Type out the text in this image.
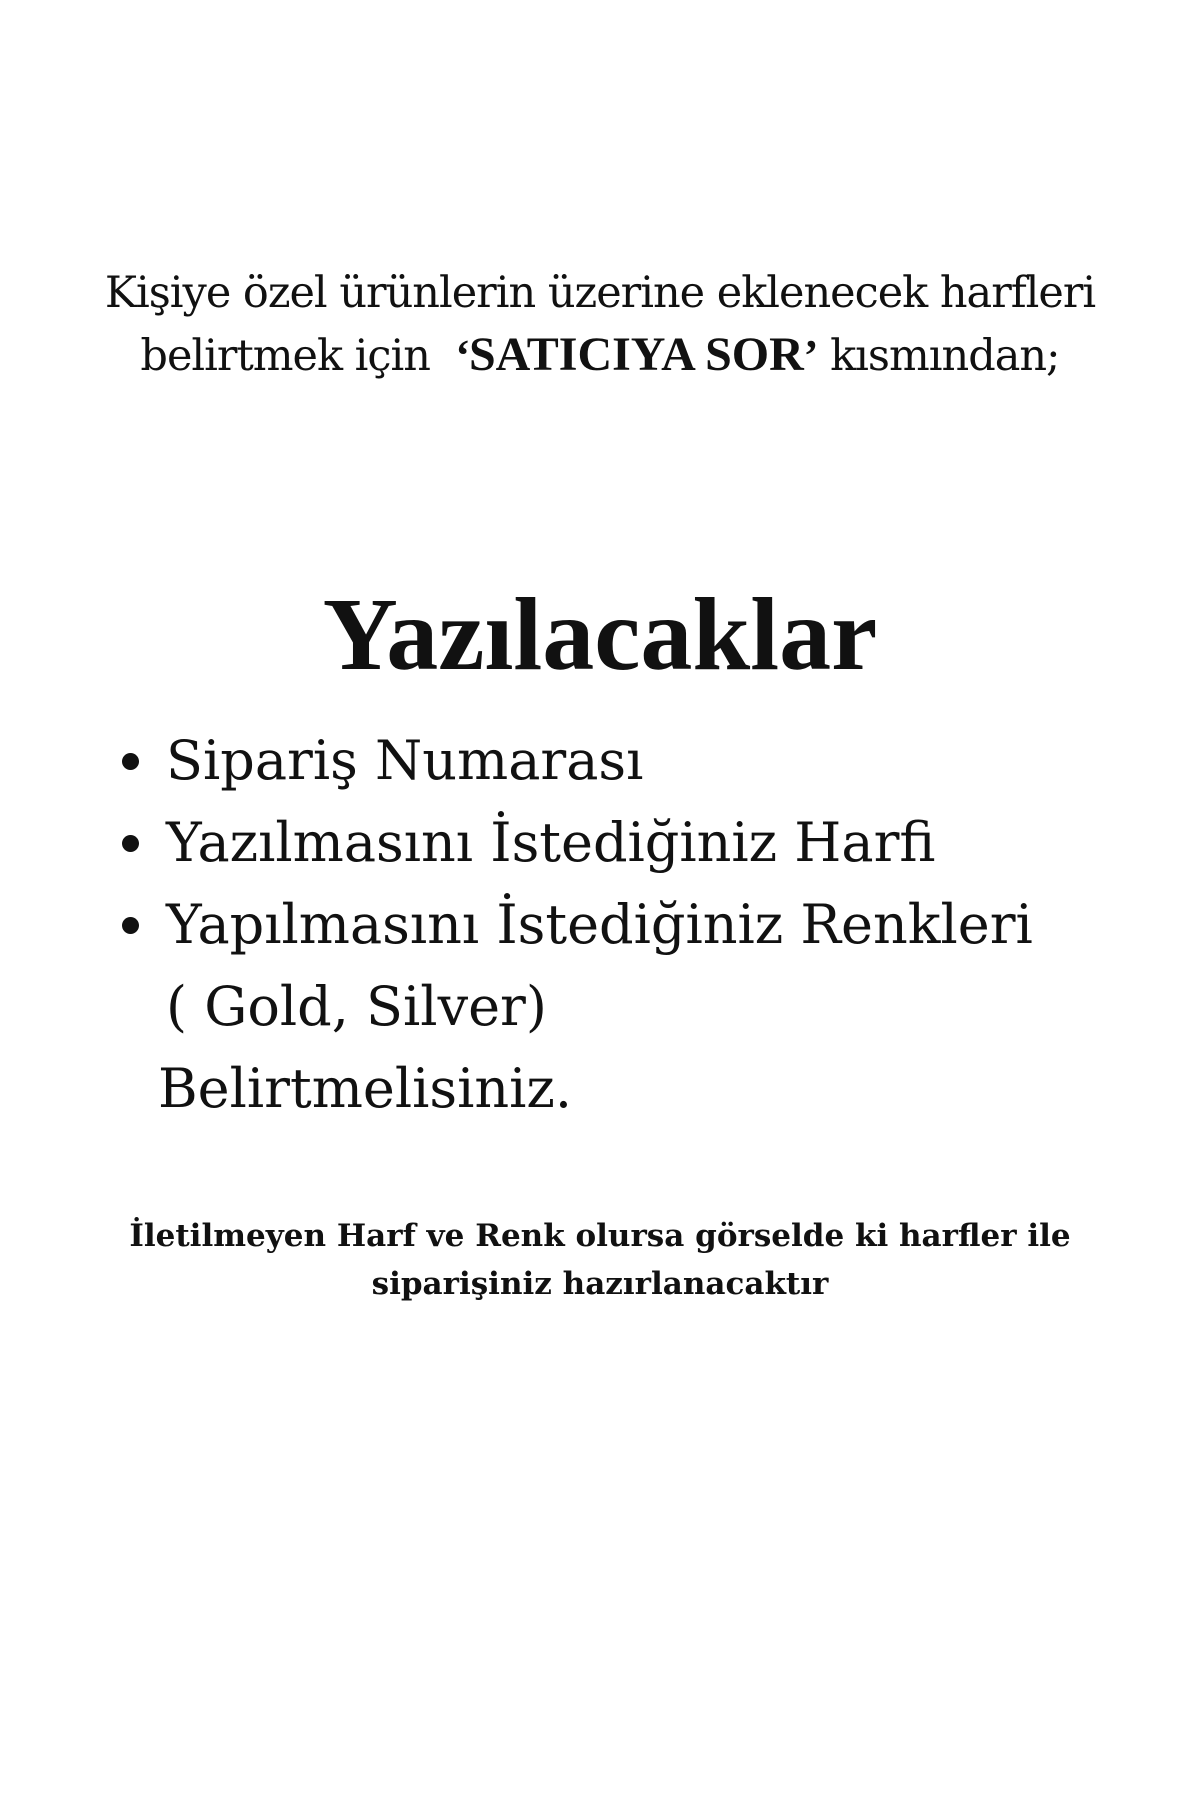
Kişiye özel ürünlerin üzerine eklenecek harfleri
belirtmek için ‘SATICIYA SOR’ kısmından;
Yazılacaklar
Sipariş Numarası
Yazılmasını İstediğiniz Harfi
Yapılmasını İstediğiniz Renkleri
( Gold, Silver)
Belirtmelisiniz.
İletilmeyen Harf ve Renk olursa görselde ki harfler ile
siparişiniz hazırlanacaktır
